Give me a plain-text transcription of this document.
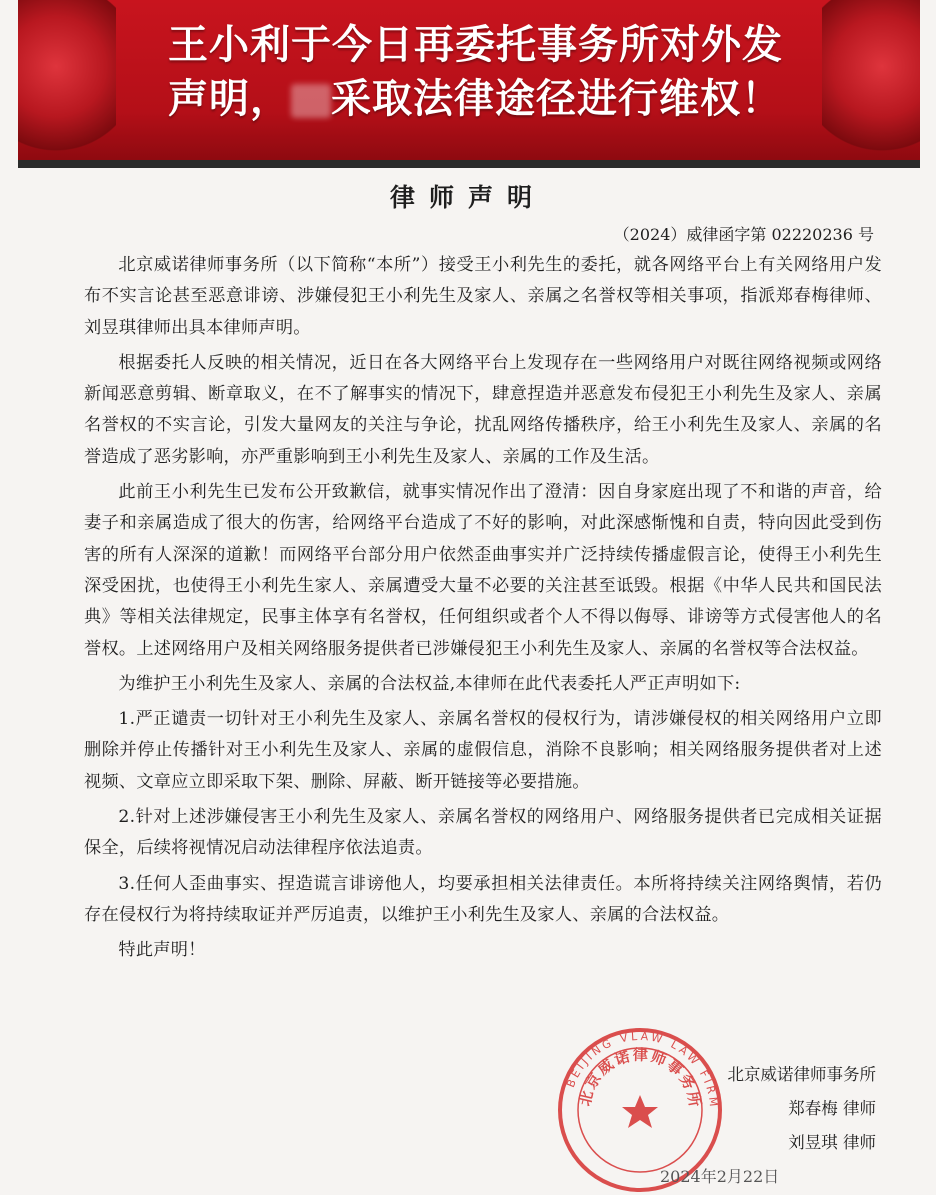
王小利于今日再委托事务所对外发
声明， 采取法律途径进行维权！
律师声明
（2024）威律函字第 02220236 号

北京威诺律师事务所（以下简称“本所”）接受王小利先生的委托，就各网络平台上有关网络用户发布不实言论甚至恶意诽谤、涉嫌侵犯王小利先生及家人、亲属之名誉权等相关事项，指派郑春梅律师、刘昱琪律师出具本律师声明。

根据委托人反映的相关情况，近日在各大网络平台上发现存在一些网络用户对既往网络视频或网络新闻恶意剪辑、断章取义，在不了解事实的情况下，肆意捏造并恶意发布侵犯王小利先生及家人、亲属名誉权的不实言论，引发大量网友的关注与争论，扰乱网络传播秩序，给王小利先生及家人、亲属的名誉造成了恶劣影响，亦严重影响到王小利先生及家人、亲属的工作及生活。

此前王小利先生已发布公开致歉信，就事实情况作出了澄清：因自身家庭出现了不和谐的声音，给妻子和亲属造成了很大的伤害，给网络平台造成了不好的影响，对此深感惭愧和自责，特向因此受到伤害的所有人深深的道歉！而网络平台部分用户依然歪曲事实并广泛持续传播虚假言论，使得王小利先生深受困扰，也使得王小利先生家人、亲属遭受大量不必要的关注甚至诋毁。根据《中华人民共和国民法典》等相关法律规定，民事主体享有名誉权，任何组织或者个人不得以侮辱、诽谤等方式侵害他人的名誉权。上述网络用户及相关网络服务提供者已涉嫌侵犯王小利先生及家人、亲属的名誉权等合法权益。

为维护王小利先生及家人、亲属的合法权益,本律师在此代表委托人严正声明如下:

1.严正谴责一切针对王小利先生及家人、亲属名誉权的侵权行为，请涉嫌侵权的相关网络用户立即删除并停止传播针对王小利先生及家人、亲属的虚假信息，消除不良影响；相关网络服务提供者对上述视频、文章应立即采取下架、删除、屏蔽、断开链接等必要措施。

2.针对上述涉嫌侵害王小利先生及家人、亲属名誉权的网络用户、网络服务提供者已完成相关证据保全，后续将视情况启动法律程序依法追责。

3.任何人歪曲事实、捏造谎言诽谤他人，均要承担相关法律责任。本所将持续关注网络舆情，若仍存在侵权行为将持续取证并严厉追责，以维护王小利先生及家人、亲属的合法权益。

特此声明！

北京威诺律师事务所
郑春梅 律师
刘昱琪 律师
BEIJING VLAW LAW FIRM
北京威诺律师事务所
2024年2月22日
